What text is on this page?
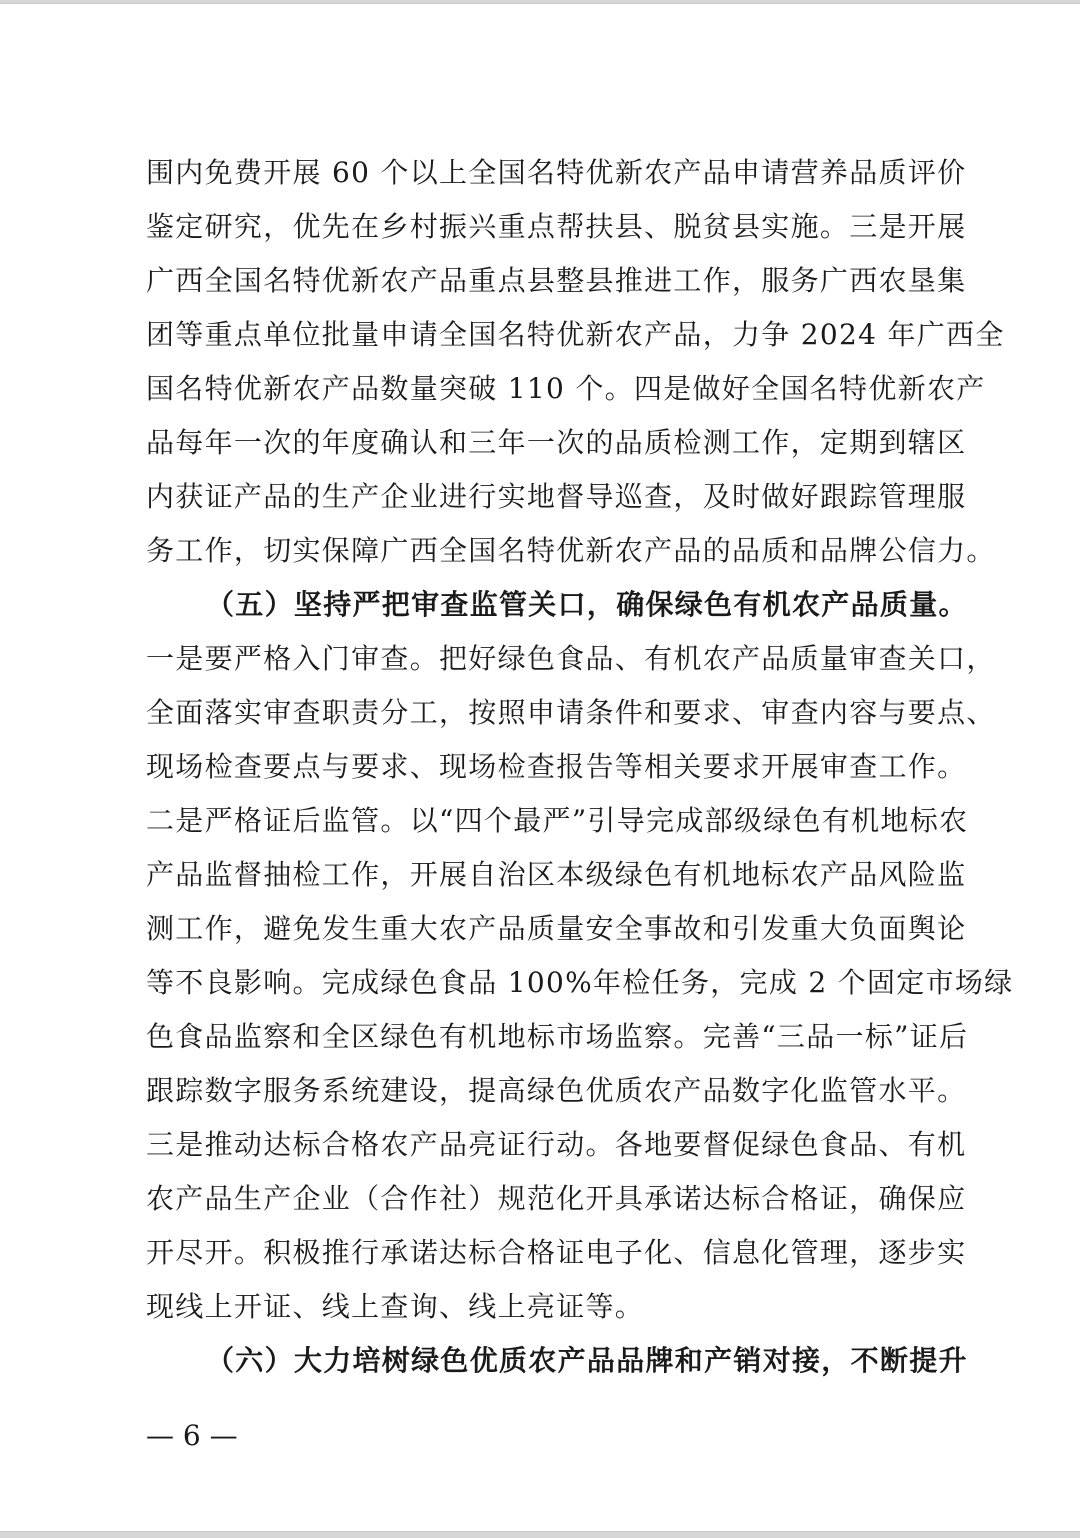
围内免费开展 60 个以上全国名特优新农产品申请营养品质评价
鉴定研究，优先在乡村振兴重点帮扶县、脱贫县实施。三是开展
广西全国名特优新农产品重点县整县推进工作，服务广西农垦集
团等重点单位批量申请全国名特优新农产品，力争 2024 年广西全
国名特优新农产品数量突破 110 个。四是做好全国名特优新农产
品每年一次的年度确认和三年一次的品质检测工作，定期到辖区
内获证产品的生产企业进行实地督导巡查，及时做好跟踪管理服
务工作，切实保障广西全国名特优新农产品的品质和品牌公信力。
（五）坚持严把审查监管关口，确保绿色有机农产品质量。
一是要严格入门审查。把好绿色食品、有机农产品质量审查关口，
全面落实审查职责分工，按照申请条件和要求、审查内容与要点、
现场检查要点与要求、现场检查报告等相关要求开展审查工作。
二是严格证后监管。以“四个最严”引导完成部级绿色有机地标农
产品监督抽检工作，开展自治区本级绿色有机地标农产品风险监
测工作，避免发生重大农产品质量安全事故和引发重大负面舆论
等不良影响。完成绿色食品 100%年检任务，完成 2 个固定市场绿
色食品监察和全区绿色有机地标市场监察。完善“三品一标”证后
跟踪数字服务系统建设，提高绿色优质农产品数字化监管水平。
三是推动达标合格农产品亮证行动。各地要督促绿色食品、有机
农产品生产企业（合作社）规范化开具承诺达标合格证，确保应
开尽开。积极推行承诺达标合格证电子化、信息化管理，逐步实
现线上开证、线上查询、线上亮证等。
（六）大力培树绿色优质农产品品牌和产销对接，不断提升
— 6 —
